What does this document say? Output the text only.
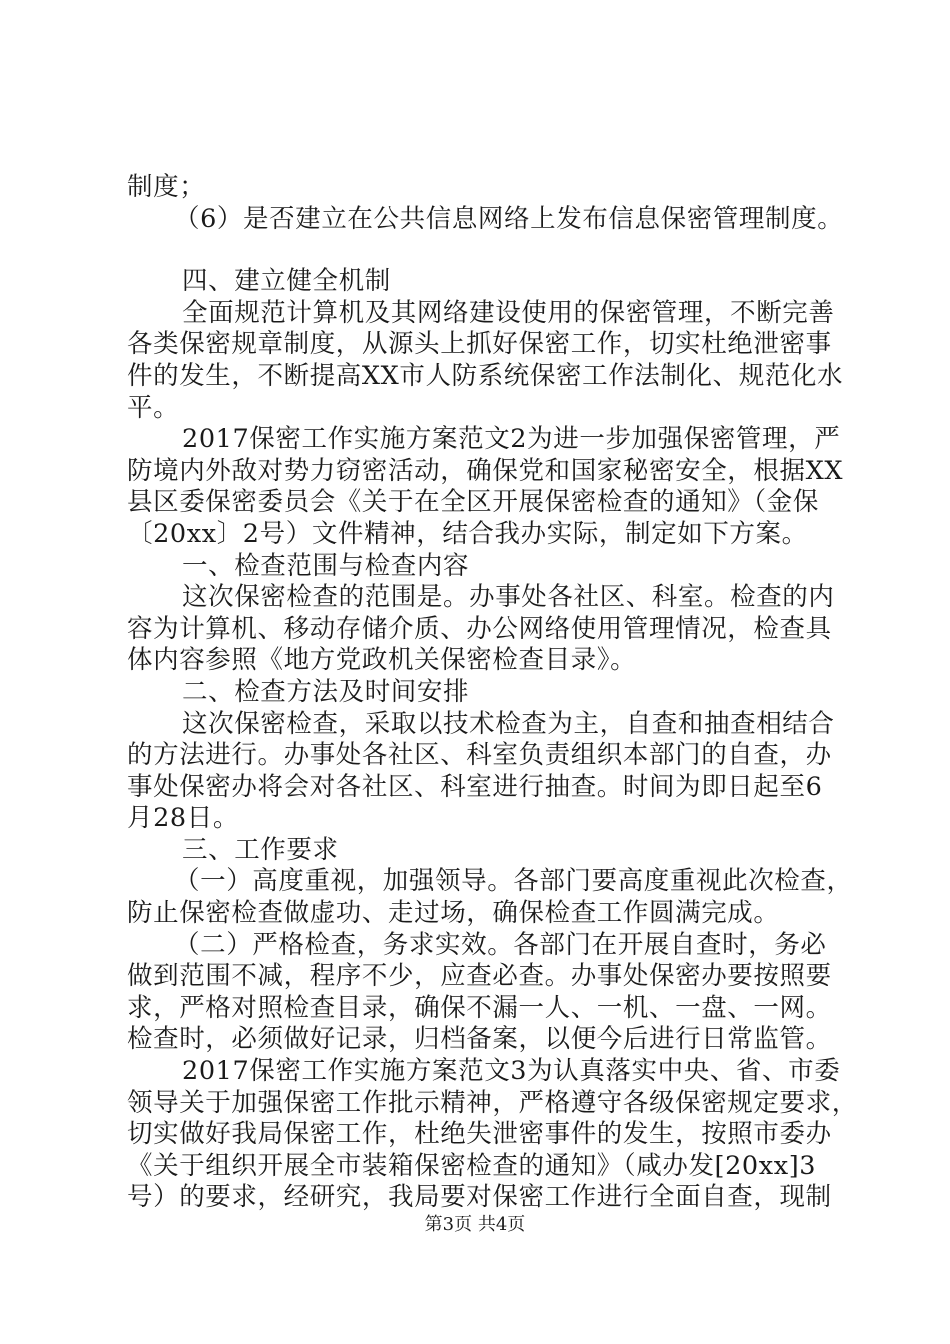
制度；
（6）是否建立在公共信息网络上发布信息保密管理制度。
四、建立健全机制
全面规范计算机及其网络建设使用的保密管理，不断完善
各类保密规章制度，从源头上抓好保密工作，切实杜绝泄密事
件的发生，不断提高XX市人防系统保密工作法制化、规范化水
平。
2017保密工作实施方案范文2为进一步加强保密管理，严
防境内外敌对势力窃密活动，确保党和国家秘密安全，根据XX
县区委保密委员会《关于在全区开展保密检查的通知》（金保
〔20xx〕2号）文件精神，结合我办实际，制定如下方案。
一、检查范围与检查内容
这次保密检查的范围是。办事处各社区、科室。检查的内
容为计算机、移动存储介质、办公网络使用管理情况，检查具
体内容参照《地方党政机关保密检查目录》。
二、检查方法及时间安排
这次保密检查，采取以技术检查为主，自查和抽查相结合
的方法进行。办事处各社区、科室负责组织本部门的自查，办
事处保密办将会对各社区、科室进行抽查。时间为即日起至6
月28日。
三、工作要求
（一）高度重视，加强领导。各部门要高度重视此次检查，
防止保密检查做虚功、走过场，确保检查工作圆满完成。
（二）严格检查，务求实效。各部门在开展自查时，务必
做到范围不减，程序不少，应查必查。办事处保密办要按照要
求，严格对照检查目录，确保不漏一人、一机、一盘、一网。
检查时，必须做好记录，归档备案，以便今后进行日常监管。
2017保密工作实施方案范文3为认真落实中央、省、市委
领导关于加强保密工作批示精神，严格遵守各级保密规定要求，
切实做好我局保密工作，杜绝失泄密事件的发生，按照市委办
《关于组织开展全市装箱保密检查的通知》（咸办发[20xx]3
号）的要求，经研究，我局要对保密工作进行全面自查，现制
第3页 共4页
